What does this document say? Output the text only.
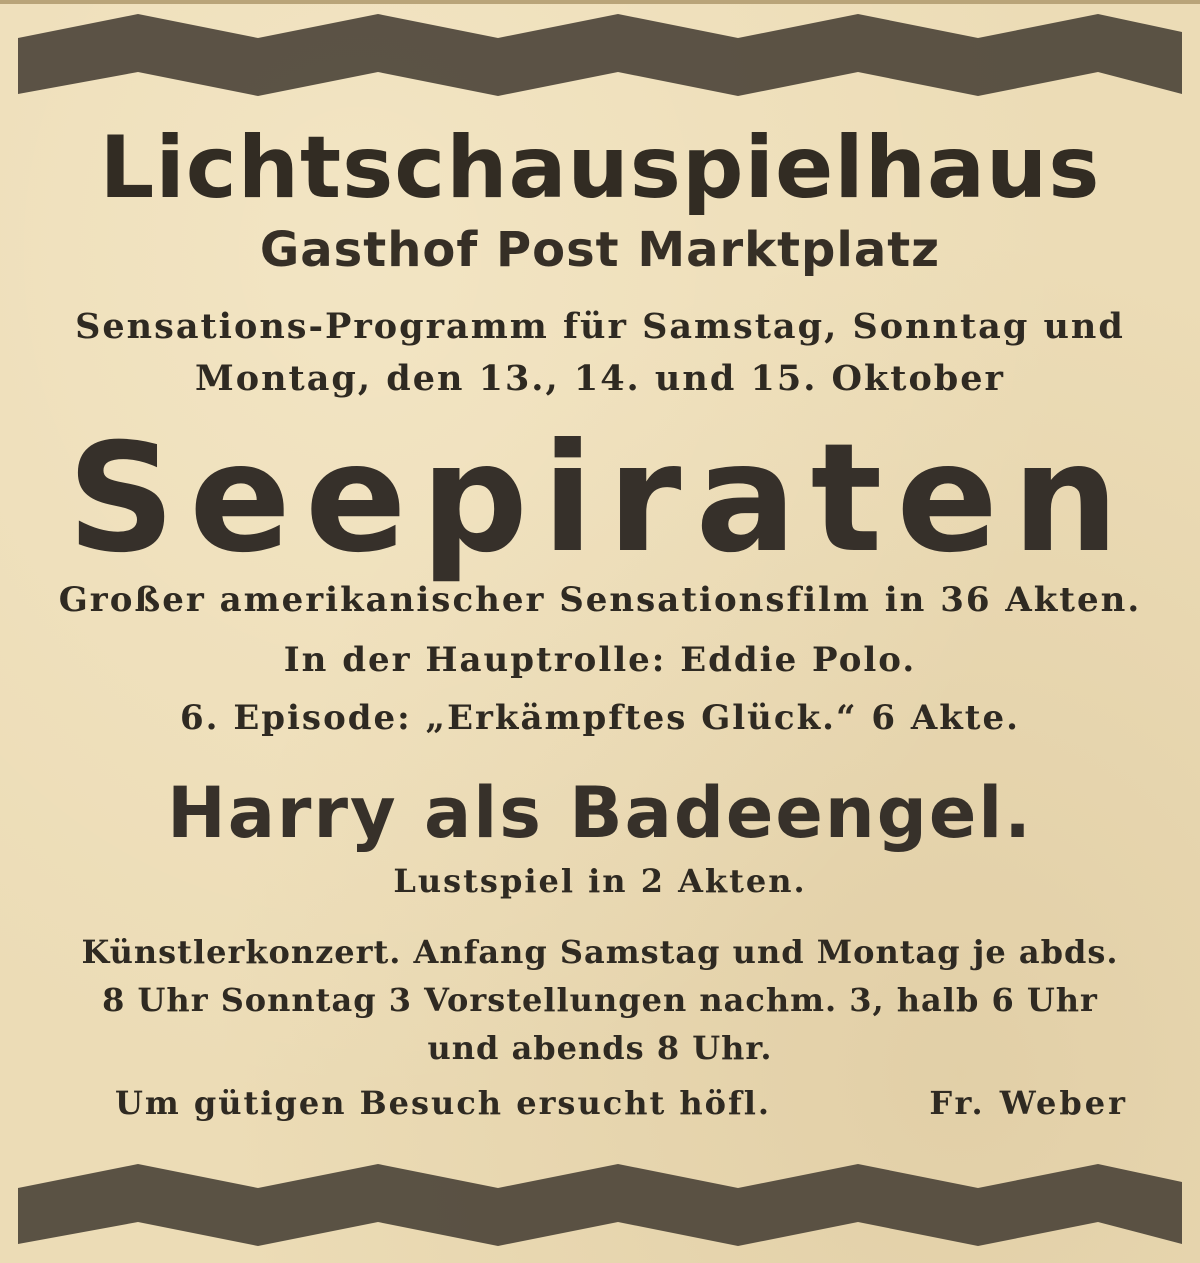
Lichtschauspielhaus
Gasthof Post Marktplatz
Sensations-Programm für Samstag, Sonntag und
Montag, den 13., 14. und 15. Oktober
Seepiraten
Großer amerikanischer Sensationsfilm in 36 Akten.
In der Hauptrolle: Eddie Polo.
6. Episode: „Erkämpftes Glück.“ 6 Akte.
Harry als Badeengel.
Lustspiel in 2 Akten.
Künstlerkonzert. Anfang Samstag und Montag je abds.
8 Uhr Sonntag 3 Vorstellungen nachm. 3, halb 6 Uhr
und abends 8 Uhr.
Um gütigen Besuch ersucht höfl.	Fr. Weber
